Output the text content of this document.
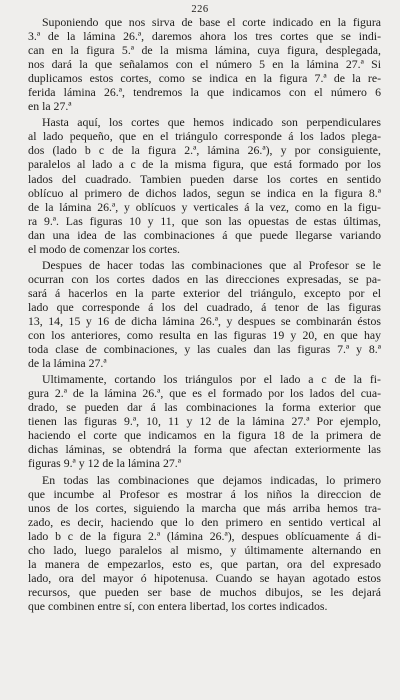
226
Suponiendo que nos sirva de base el corte indicado en la figura
3.ª de la lámina 26.ª, daremos ahora los tres cortes que se indi-
can en la figura 5.ª de la misma lámina, cuya figura, desplegada,
nos dará la que señalamos con el número 5 en la lámina 27.ª Si
duplicamos estos cortes, como se indica en la figura 7.ª de la re-
ferida lámina 26.ª, tendremos la que indicamos con el número 6
en la 27.ª
Hasta aquí, los cortes que hemos indicado son perpendiculares
al lado pequeño, que en el triángulo corresponde á los lados plega-
dos (lado b c de la figura 2.ª, lámina 26.ª), y por consiguiente,
paralelos al lado a c de la misma figura, que está formado por los
lados del cuadrado. Tambien pueden darse los cortes en sentido
oblícuo al primero de dichos lados, segun se indica en la figura 8.ª
de la lámina 26.ª, y oblícuos y verticales á la vez, como en la figu-
ra 9.ª. Las figuras 10 y 11, que son las opuestas de estas últimas,
dan una idea de las combinaciones á que puede llegarse variando
el modo de comenzar los cortes.
Despues de hacer todas las combinaciones que al Profesor se le
ocurran con los cortes dados en las direcciones expresadas, se pa-
sará á hacerlos en la parte exterior del triángulo, excepto por el
lado que corresponde á los del cuadrado, á tenor de las figuras
13, 14, 15 y 16 de dicha lámina 26.ª, y despues se combinarán éstos
con los anteriores, como resulta en las figuras 19 y 20, en que hay
toda clase de combinaciones, y las cuales dan las figuras 7.ª y 8.ª
de la lámina 27.ª
Ultimamente, cortando los triángulos por el lado a c de la fi-
gura 2.ª de la lámina 26.ª, que es el formado por los lados del cua-
drado, se pueden dar á las combinaciones la forma exterior que
tienen las figuras 9.ª, 10, 11 y 12 de la lámina 27.ª Por ejemplo,
haciendo el corte que indicamos en la figura 18 de la primera de
dichas láminas, se obtendrá la forma que afectan exteriormente las
figuras 9.ª y 12 de la lámina 27.ª
En todas las combinaciones que dejamos indicadas, lo primero
que incumbe al Profesor es mostrar á los niños la direccion de
unos de los cortes, siguiendo la marcha que más arriba hemos tra-
zado, es decir, haciendo que lo den primero en sentido vertical al
lado b c de la figura 2.ª (lámina 26.ª), despues oblícuamente á di-
cho lado, luego paralelos al mismo, y últimamente alternando en
la manera de empezarlos, esto es, que partan, ora del expresado
lado, ora del mayor ó hipotenusa. Cuando se hayan agotado estos
recursos, que pueden ser base de muchos dibujos, se les dejará
que combinen entre sí, con entera libertad, los cortes indicados.
